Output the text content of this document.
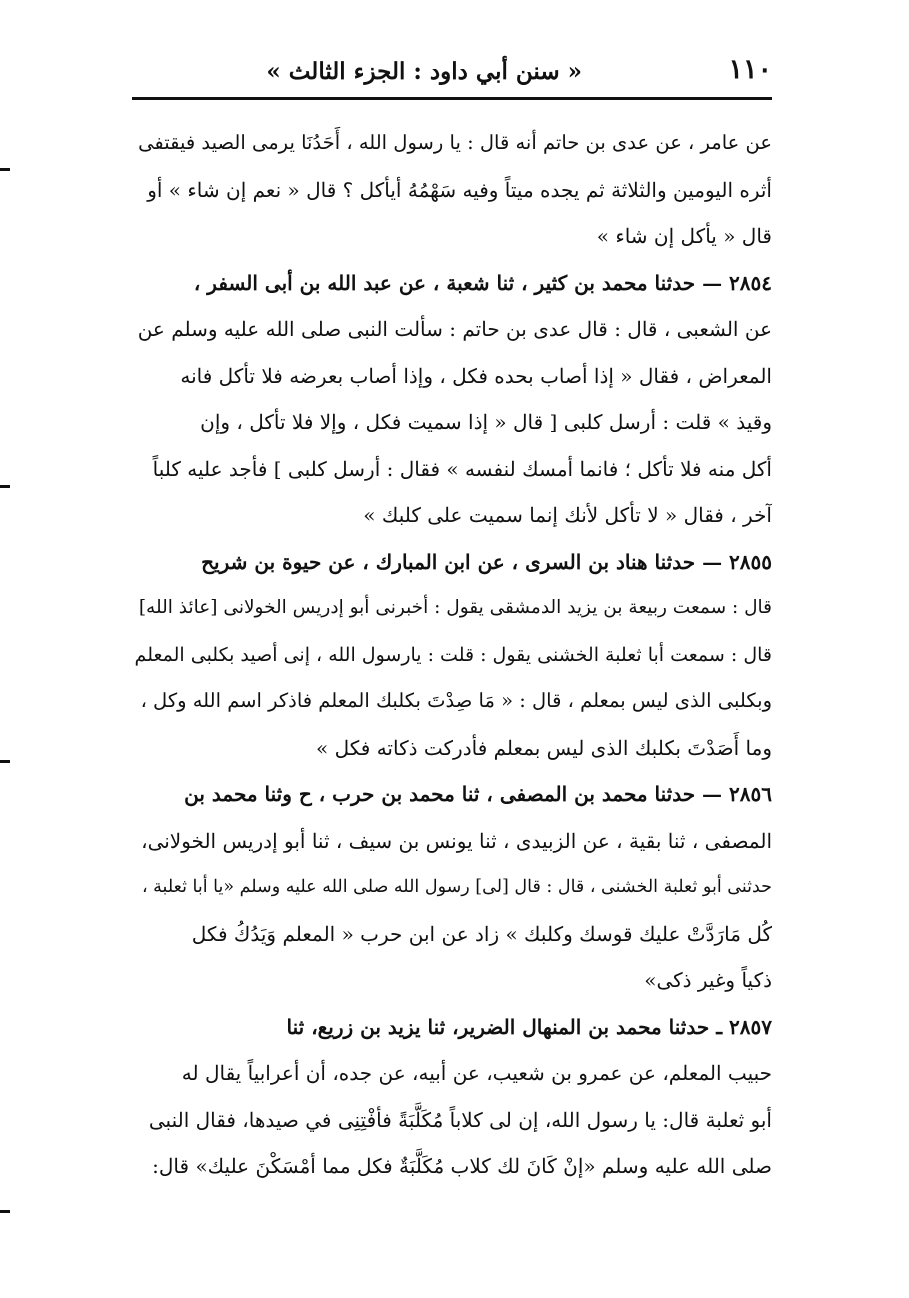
١١٠
« سنن أبي داود : الجزء الثالث »
عن عامر ، عن عدى بن حاتم أنه قال : يا رسول الله ، أَحَدُنَا يرمى الصيد فيقتفى
أثره اليومين والثلاثة ثم يجده ميتاً وفيه سَهْمُهُ أيأكل ؟ قال « نعم إن شاء » أو
قال « يأكل إن شاء »
٢٨٥٤ — حدثنا محمد بن كثير ، ثنا شعبة ، عن عبد الله بن أبى السفر ،
عن الشعبى ، قال : قال عدى بن حاتم : سألت النبى صلى الله عليه وسلم عن
المعراض ، فقال « إذا أصاب بحده فكل ، وإذا أصاب بعرضه فلا تأكل فانه
وقيذ » قلت : أرسل كلبى [ قال « إذا سميت فكل ، وإلا فلا تأكل ، وإن
أكل منه فلا تأكل ؛ فانما أمسك لنفسه » فقال : أرسل كلبى ] فأجد عليه كلباً
آخر ، فقال « لا تأكل لأنك إنما سميت على كلبك »
٢٨٥٥ — حدثنا هناد بن السرى ، عن ابن المبارك ، عن حيوة بن شريح
قال : سمعت ربيعة بن يزيد الدمشقى يقول : أخبرنى أبو إدريس الخولانى [عائذ الله]
قال : سمعت أبا ثعلبة الخشنى يقول : قلت : يارسول الله ، إنى أصيد بكلبى المعلم
وبكلبى الذى ليس بمعلم ، قال : « مَا صِدْتَ بكلبك المعلم فاذكر اسم الله وكل ،
وما أَصَدْتَ بكلبك الذى ليس بمعلم فأدركت ذكاته فكل »
٢٨٥٦ — حدثنا محمد بن المصفى ، ثنا محمد بن حرب ، ح وثنا محمد بن
المصفى ، ثنا بقية ، عن الزبيدى ، ثنا يونس بن سيف ، ثنا أبو إدريس الخولانى،
حدثنى أبو ثعلبة الخشنى ، قال : قال [لى] رسول الله صلى الله عليه وسلم «يا أبا ثعلبة ،
كُل مَارَدَّتْ عليك قوسك وكلبك » زاد عن ابن حرب « المعلم وَيَدُكُ فكل
ذكياً وغير ذكى»
٢٨٥٧ ـ حدثنا محمد بن المنهال الضرير، ثنا يزيد بن زريع، ثنا
حبيب المعلم، عن عمرو بن شعيب، عن أبيه، عن جده، أن أعرابياً يقال له
أبو ثعلبة قال: يا رسول الله، إن لى كلاباً مُكَلَّبَةً فأفْتِنِى في صيدها، فقال النبى
صلى الله عليه وسلم «إنْ كَانَ لك كلاب مُكَلَّبَةٌ فكل مما أمْسَكْنَ عليك» قال:
